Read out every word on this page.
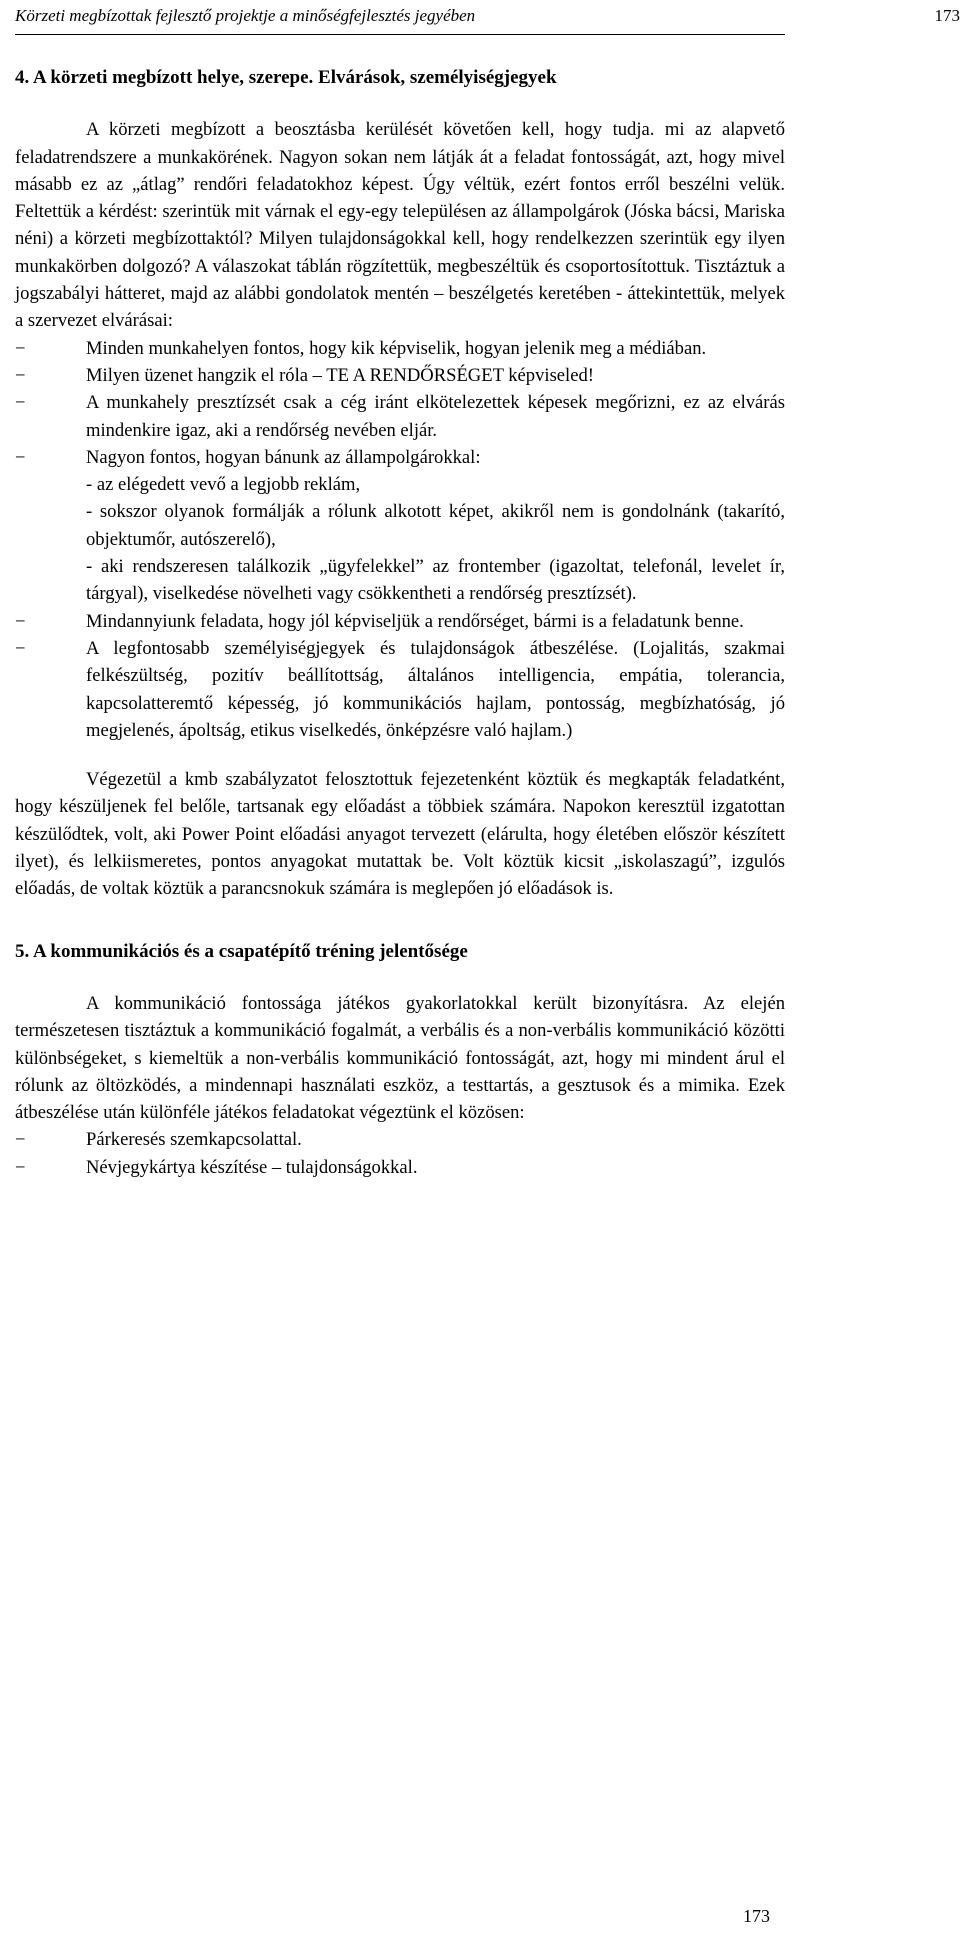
Körzeti megbízottak fejlesztő projektje a minőségfejlesztés jegyében	173
4. A körzeti megbízott helye, szerepe. Elvárások, személyiségjegyek

A körzeti megbízott a beosztásba kerülését követően kell, hogy tudja. mi az alapvető feladatrendszere a munkakörének. Nagyon sokan nem látják át a feladat fontosságát, azt, hogy mivel másabb ez az „átlag” rendőri feladatokhoz képest. Úgy véltük, ezért fontos erről beszélni velük. Feltettük a kérdést: szerintük mit várnak el egy-egy településen az állampolgárok (Jóska bácsi, Mariska néni) a körzeti megbízottaktól? Milyen tulajdonságokkal kell, hogy rendelkezzen szerintük egy ilyen munkakörben dolgozó? A válaszokat táblán rögzítettük, megbeszéltük és csoportosítottuk. Tisztáztuk a jogszabályi hátteret, majd az alábbi gondolatok mentén – beszélgetés keretében - áttekintettük, melyek a szervezet elvárásai:

−	Minden munkahelyen fontos, hogy kik képviselik, hogyan jelenik meg a médiában.
−	Milyen üzenet hangzik el róla – TE A RENDŐRSÉGET képviseled!
−	A munkahely presztízsét csak a cég iránt elkötelezettek képesek megőrizni, ez az elvárás mindenkire igaz, aki a rendőrség nevében eljár.
−	Nagyon fontos, hogyan bánunk az állampolgárokkal:
- az elégedett vevő a legjobb reklám,
- sokszor olyanok formálják a rólunk alkotott képet, akikről nem is gondolnánk (takarító, objektumőr, autószerelő),
- aki rendszeresen találkozik „ügyfelekkel” az frontember (igazoltat, telefonál, levelet ír, tárgyal), viselkedése növelheti vagy csökkentheti a rendőrség presztízsét).
−	Mindannyiunk feladata, hogy jól képviseljük a rendőrséget, bármi is a feladatunk benne.
−	A legfontosabb személyiségjegyek és tulajdonságok átbeszélése. (Lojalitás, szakmai felkészültség, pozitív beállítottság, általános intelligencia, empátia, tolerancia, kapcsolatteremtő képesség, jó kommunikációs hajlam, pontosság, megbízhatóság, jó megjelenés, ápoltság, etikus viselkedés, önképzésre való hajlam.)

Végezetül a kmb szabályzatot felosztottuk fejezetenként köztük és megkapták feladatként, hogy készüljenek fel belőle, tartsanak egy előadást a többiek számára. Napokon keresztül izgatottan készülődtek, volt, aki Power Point előadási anyagot tervezett (elárulta, hogy életében először készített ilyet), és lelkiismeretes, pontos anyagokat mutattak be. Volt köztük kicsit „iskolaszagú”, izgulós előadás, de voltak köztük a parancsnokuk számára is meglepően jó előadások is.

5. A kommunikációs és a csapatépítő tréning jelentősége

A kommunikáció fontossága játékos gyakorlatokkal került bizonyításra. Az elején természetesen tisztáztuk a kommunikáció fogalmát, a verbális és a non-verbális kommunikáció közötti különbségeket, s kiemeltük a non-verbális kommunikáció fontosságát, azt, hogy mi mindent árul el rólunk az öltözködés, a mindennapi használati eszköz, a testtartás, a gesztusok és a mimika. Ezek átbeszélése után különféle játékos feladatokat végeztünk el közösen:

−	Párkeresés szemkapcsolattal.
−	Névjegykártya készítése – tulajdonságokkal.
173
